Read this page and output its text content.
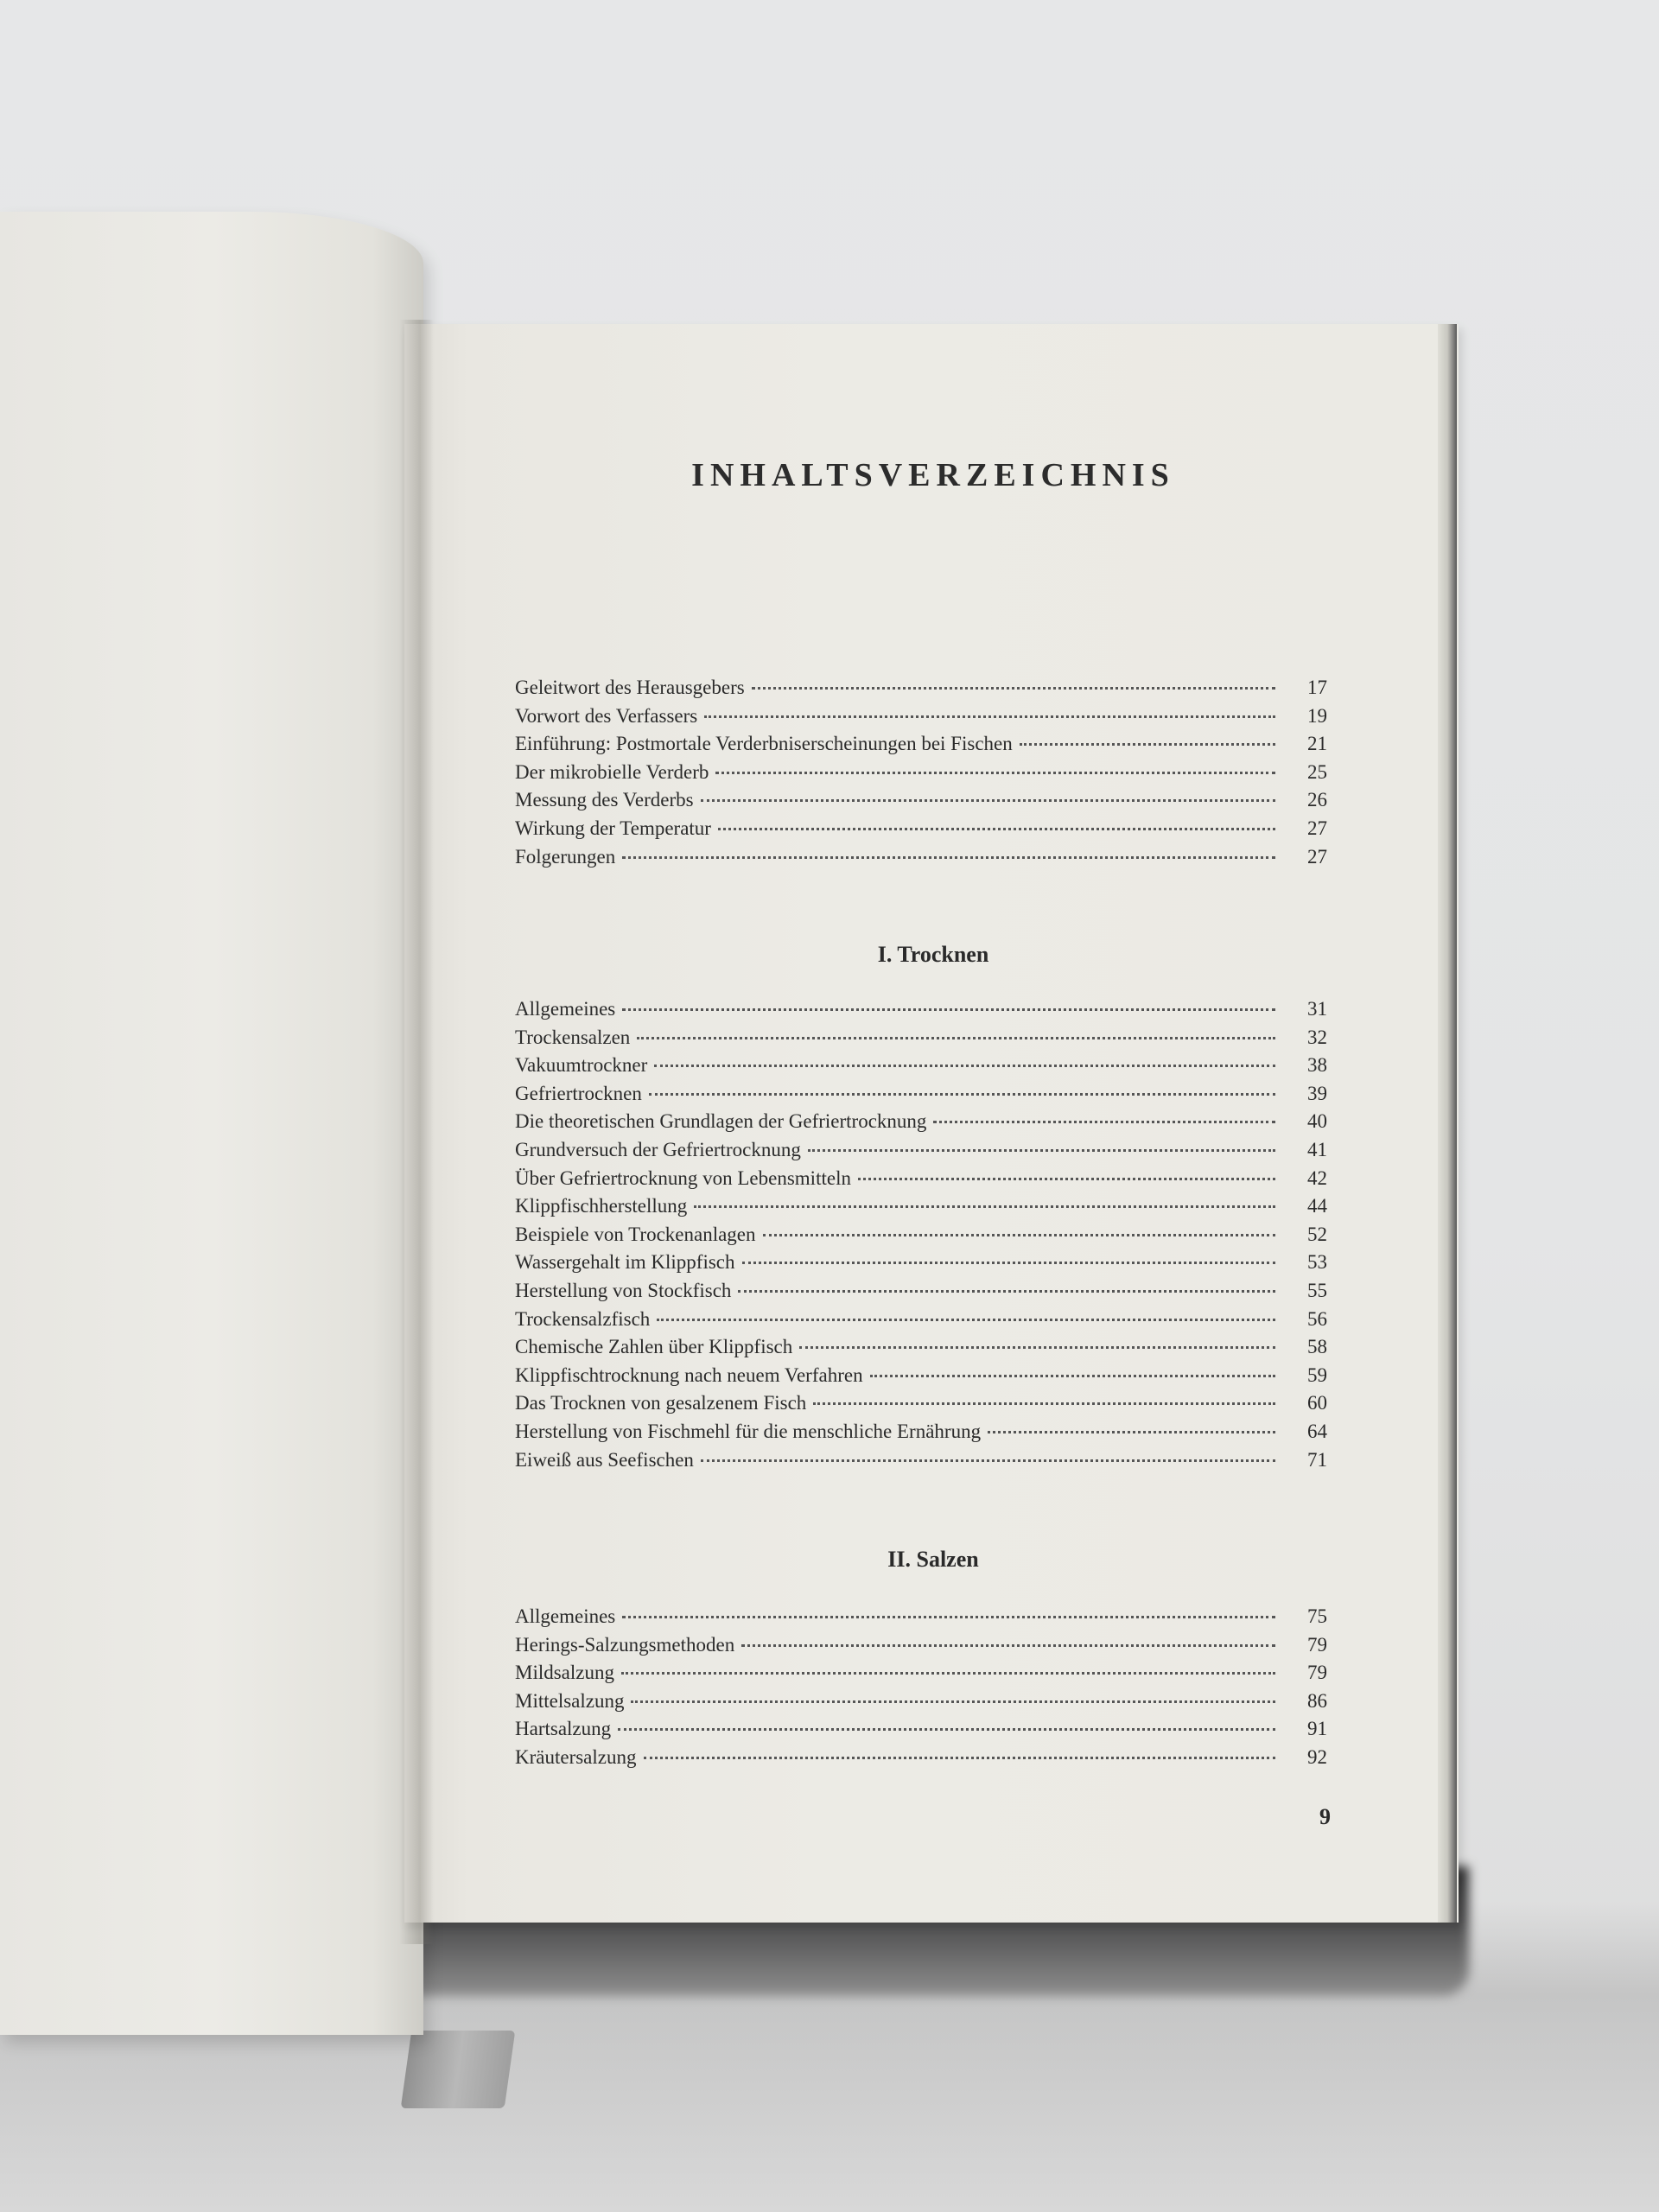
INHALTSVERZEICHNIS
Geleitwort des Herausgebers	17
Vorwort des Verfassers	19
Einführung: Postmortale Verderbniserscheinungen bei Fischen	21
Der mikrobielle Verderb	25
Messung des Verderbs	26
Wirkung der Temperatur	27
Folgerungen	27
I. Trocknen
Allgemeines	31
Trockensalzen	32
Vakuumtrockner	38
Gefriertrocknen	39
Die theoretischen Grundlagen der Gefriertrocknung	40
Grundversuch der Gefriertrocknung	41
Über Gefriertrocknung von Lebensmitteln	42
Klippfischherstellung	44
Beispiele von Trockenanlagen	52
Wassergehalt im Klippfisch	53
Herstellung von Stockfisch	55
Trockensalzfisch	56
Chemische Zahlen über Klippfisch	58
Klippfischtrocknung nach neuem Verfahren	59
Das Trocknen von gesalzenem Fisch	60
Herstellung von Fischmehl für die menschliche Ernährung	64
Eiweiß aus Seefischen	71
II. Salzen
Allgemeines	75
Herings-Salzungsmethoden	79
Mildsalzung	79
Mittelsalzung	86
Hartsalzung	91
Kräutersalzung	92
9
